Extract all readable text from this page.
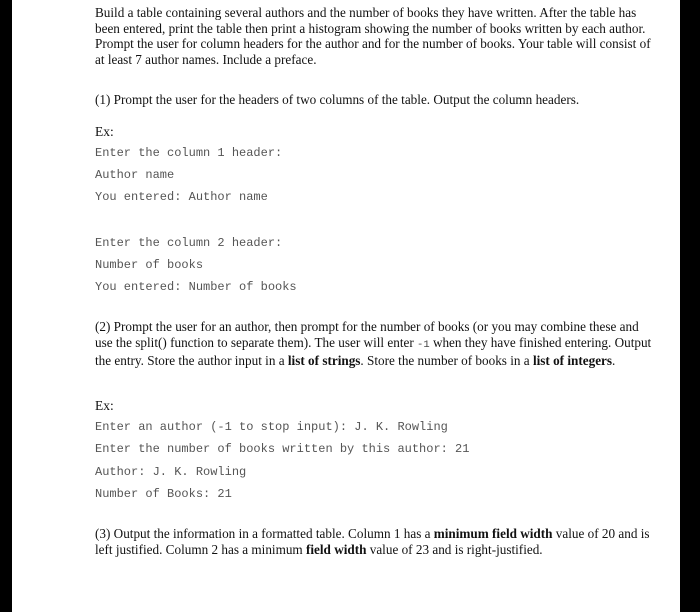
Build a table containing several authors and the number of books they have written. After the table has been entered, print the table then print a histogram showing the number of books written by each author. Prompt the user for column headers for the author and for the number of books. Your table will consist of at least 7 author names. Include a preface.

(1) Prompt the user for the headers of two columns of the table. Output the column headers.

Ex:
Enter the column 1 header:
Author name
You entered: Author name
Enter the column 2 header:
Number of books
You entered: Number of books

(2) Prompt the user for an author, then prompt for the number of books (or you may combine these and use the split() function to separate them). The user will enter -1 when they have finished entering. Output the entry. Store the author input in a list of strings. Store the number of books in a list of integers.

Ex:
Enter an author (-1 to stop input): J. K. Rowling
Enter the number of books written by this author: 21
Author: J. K. Rowling
Number of Books: 21

(3) Output the information in a formatted table. Column 1 has a minimum field width value of 20 and is left justified. Column 2 has a minimum field width value of 23 and is right-justified.
